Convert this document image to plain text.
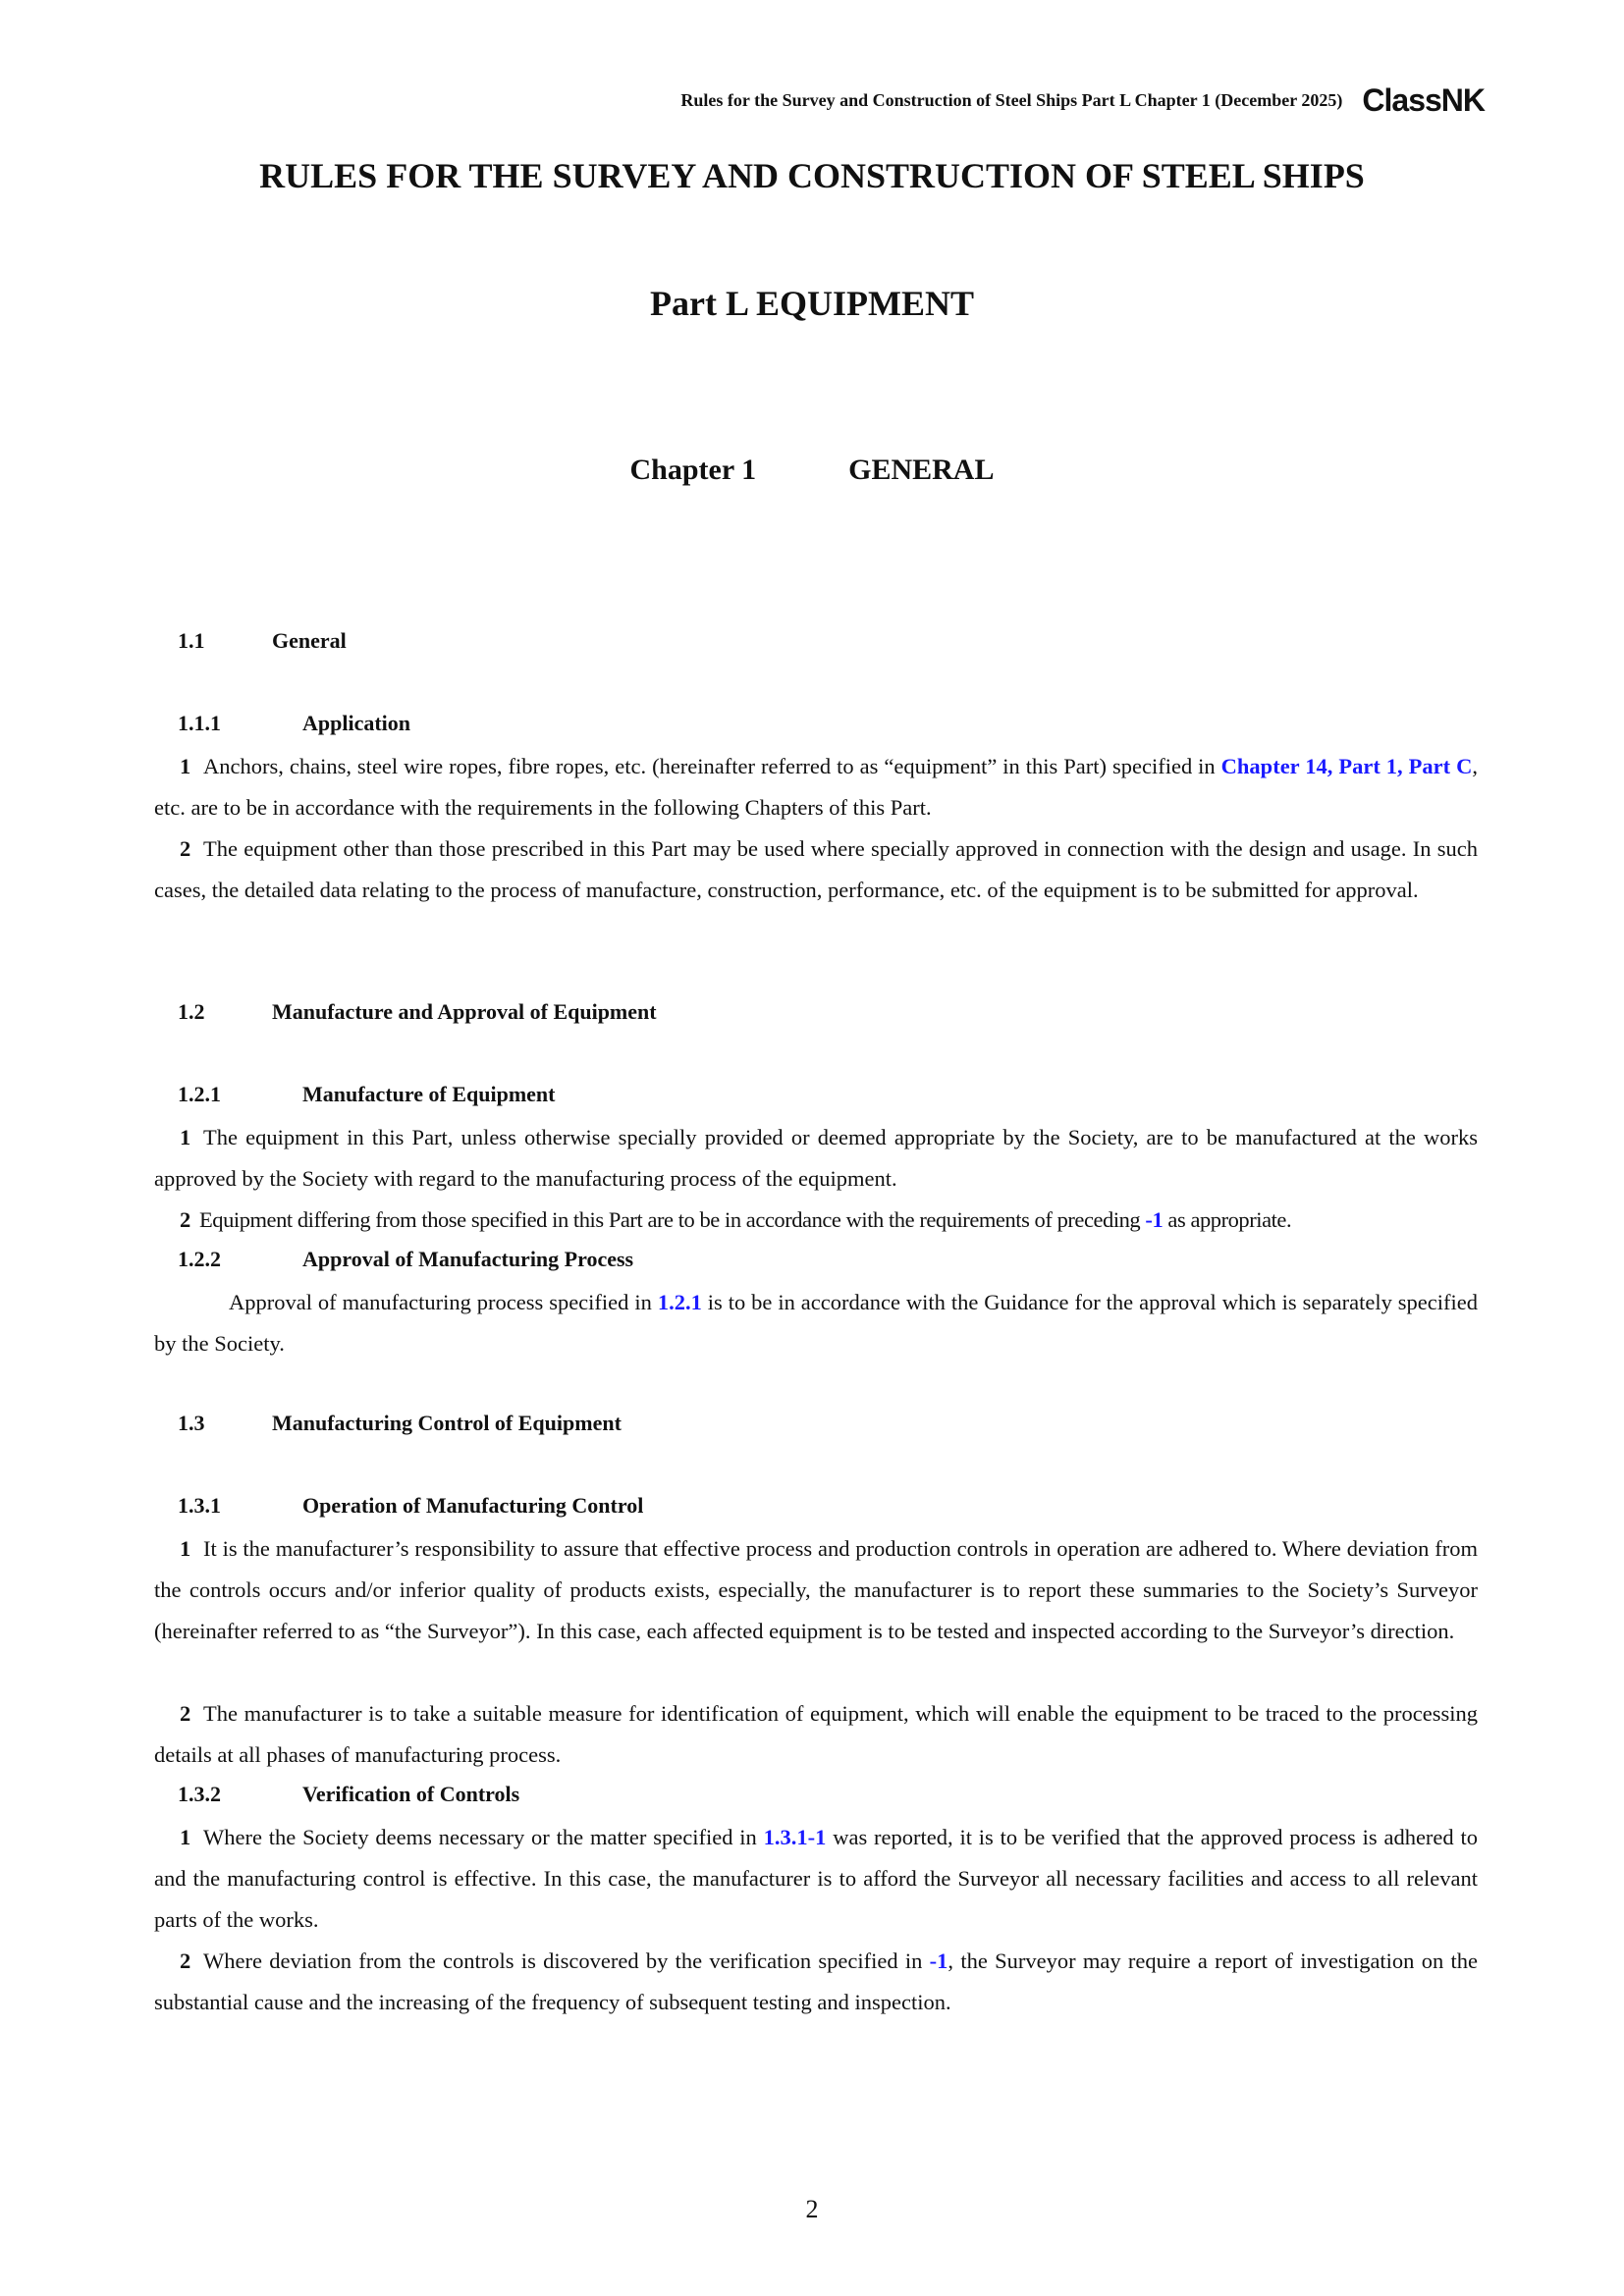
Rules for the Survey and Construction of Steel Ships Part L Chapter 1 (December 2025) ClassNK
RULES FOR THE SURVEY AND CONSTRUCTION OF STEEL SHIPS
Part L EQUIPMENT
Chapter 1	GENERAL
1.1	General
1.1.1	Application
1 Anchors, chains, steel wire ropes, fibre ropes, etc. (hereinafter referred to as “equipment” in this Part) specified in Chapter 14, Part 1, Part C, etc. are to be in accordance with the requirements in the following Chapters of this Part.
2 The equipment other than those prescribed in this Part may be used where specially approved in connection with the design and usage. In such cases, the detailed data relating to the process of manufacture, construction, performance, etc. of the equipment is to be submitted for approval.
1.2	Manufacture and Approval of Equipment
1.2.1	Manufacture of Equipment
1 The equipment in this Part, unless otherwise specially provided or deemed appropriate by the Society, are to be manufactured at the works approved by the Society with regard to the manufacturing process of the equipment.
2 Equipment differing from those specified in this Part are to be in accordance with the requirements of preceding -1 as appropriate.
1.2.2	Approval of Manufacturing Process
Approval of manufacturing process specified in 1.2.1 is to be in accordance with the Guidance for the approval which is separately specified by the Society.
1.3	Manufacturing Control of Equipment
1.3.1	Operation of Manufacturing Control
1 It is the manufacturer’s responsibility to assure that effective process and production controls in operation are adhered to. Where deviation from the controls occurs and/or inferior quality of products exists, especially, the manufacturer is to report these summaries to the Society’s Surveyor (hereinafter referred to as “the Surveyor”). In this case, each affected equipment is to be tested and inspected according to the Surveyor’s direction.
2 The manufacturer is to take a suitable measure for identification of equipment, which will enable the equipment to be traced to the processing details at all phases of manufacturing process.
1.3.2	Verification of Controls
1 Where the Society deems necessary or the matter specified in 1.3.1-1 was reported, it is to be verified that the approved process is adhered to and the manufacturing control is effective. In this case, the manufacturer is to afford the Surveyor all necessary facilities and access to all relevant parts of the works.
2 Where deviation from the controls is discovered by the verification specified in -1, the Surveyor may require a report of investigation on the substantial cause and the increasing of the frequency of subsequent testing and inspection.
2
